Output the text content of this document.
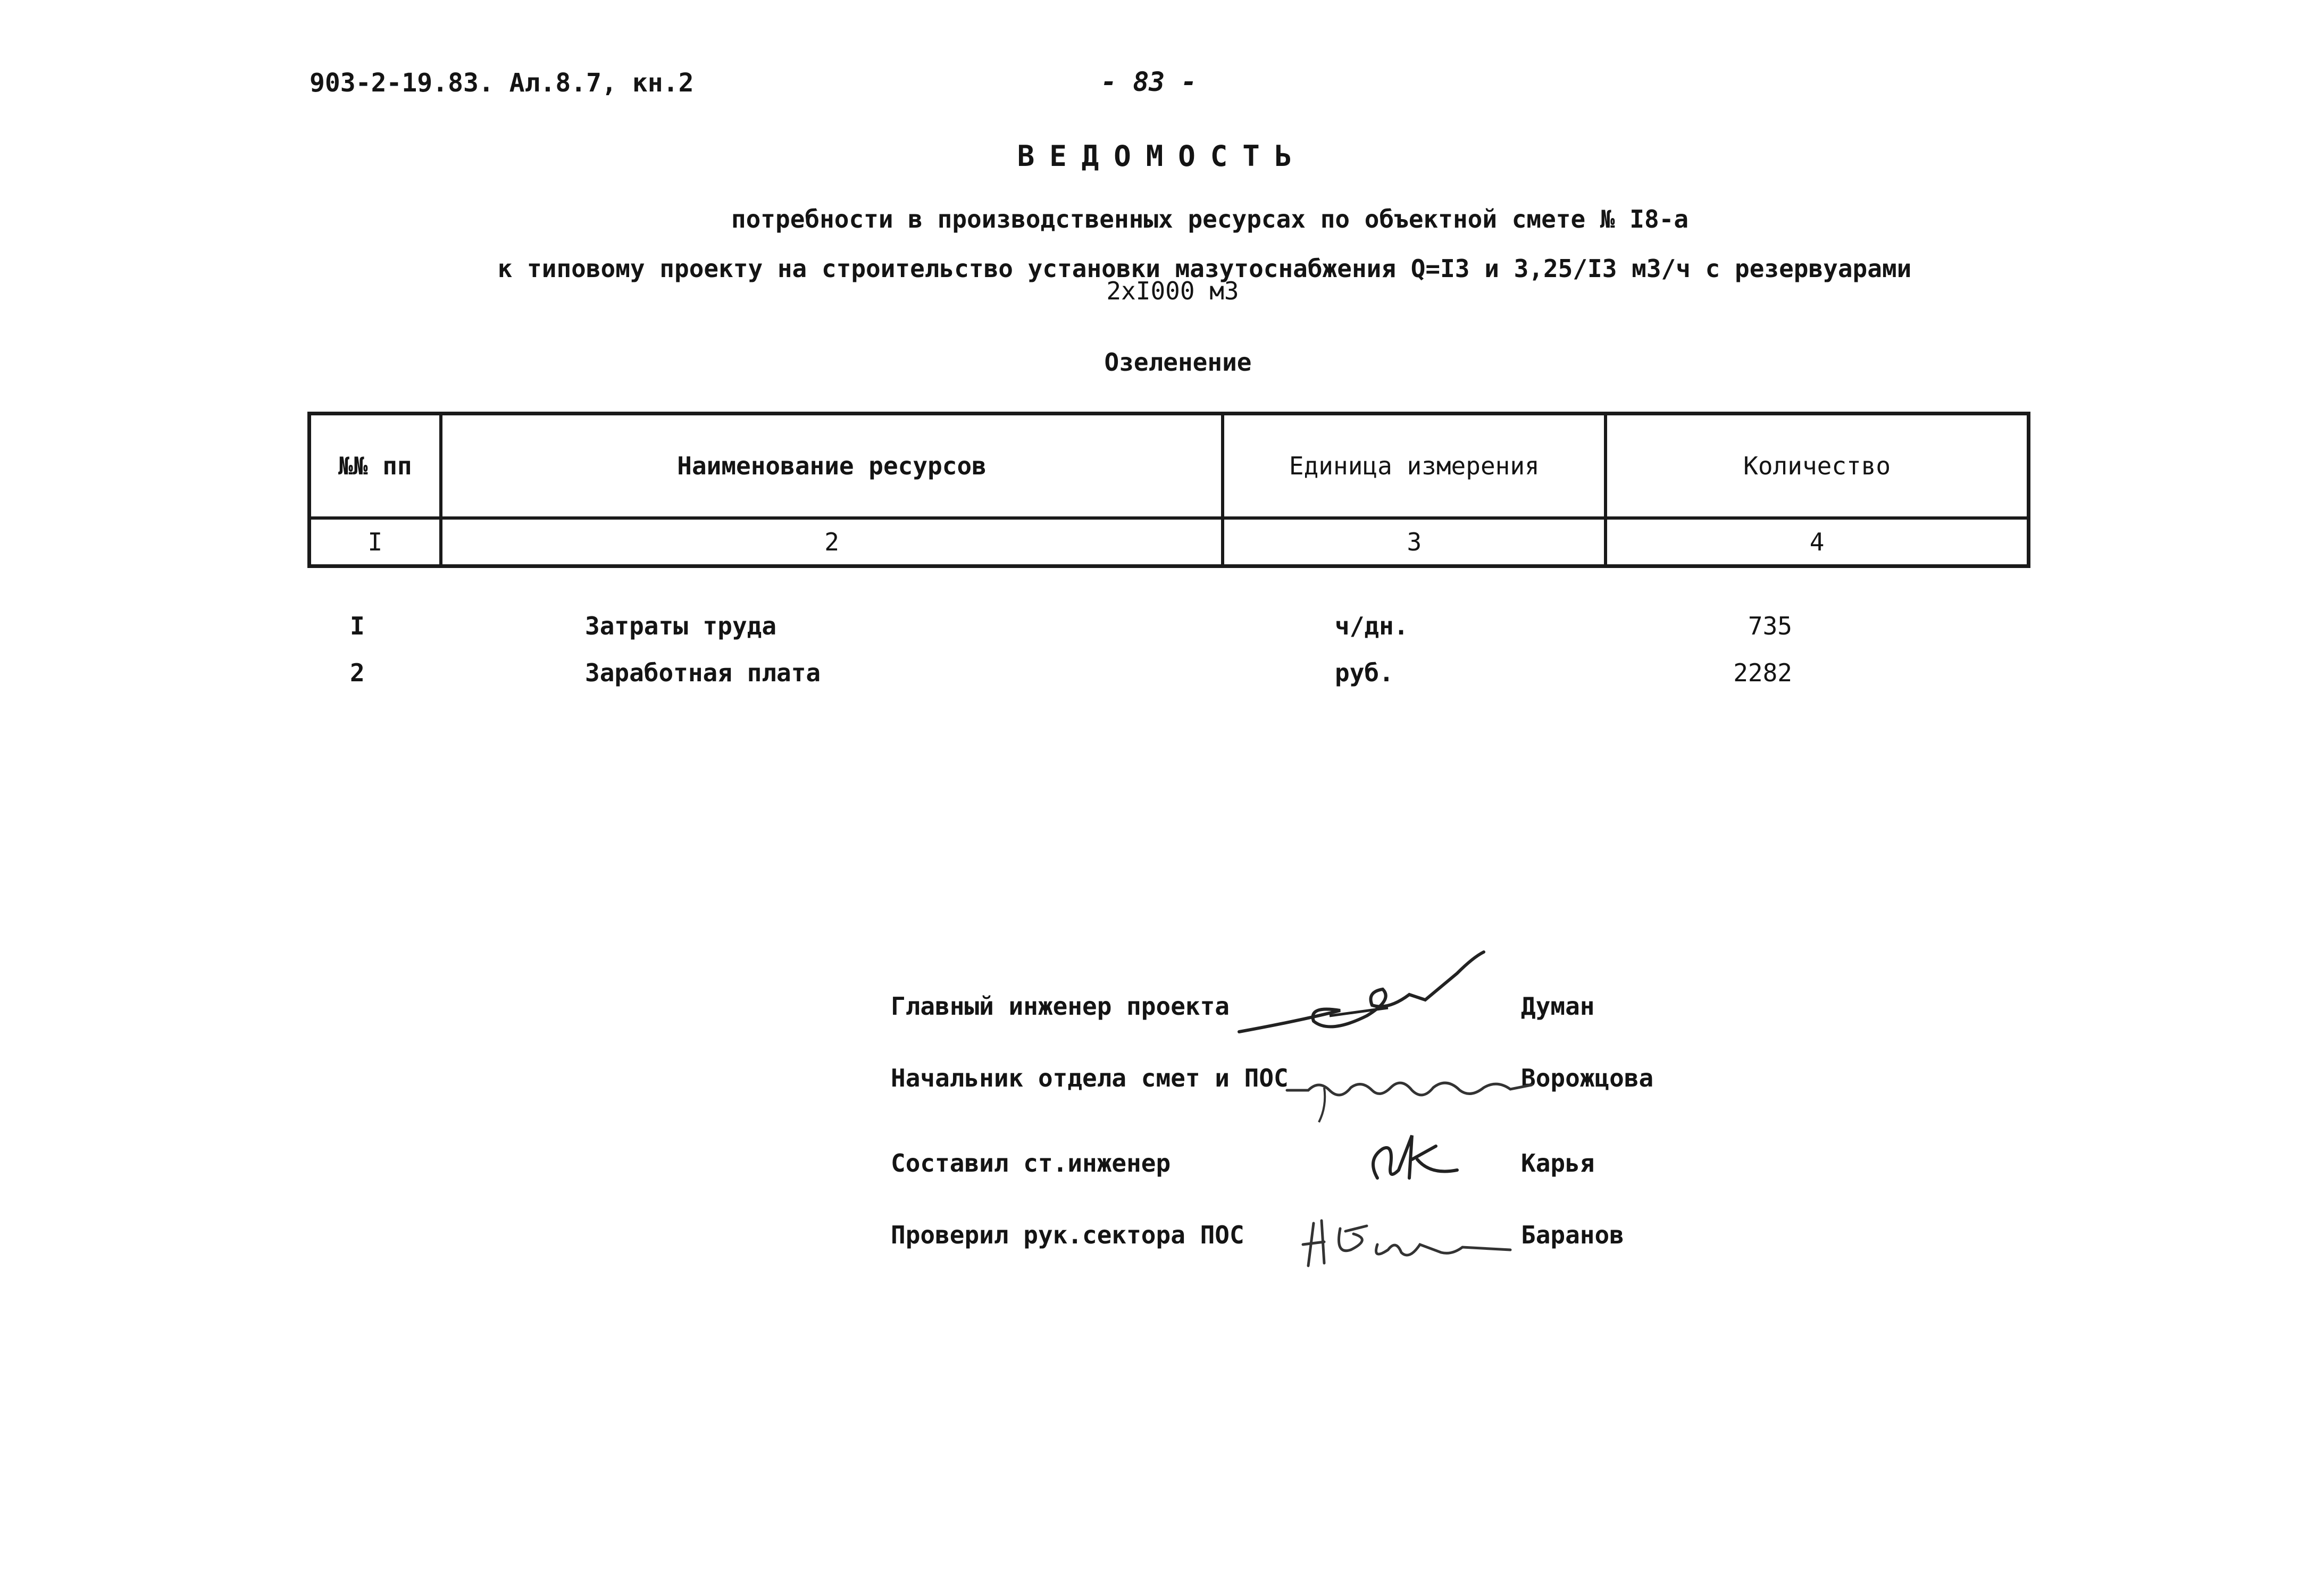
903-2-19.83. Ал.8.7, кн.2	- 83 -
ВЕДОМОСТЬ
потребности в производственных ресурсах по объектной смете № I8-а
к типовому проекту на строительство установки мазутоснабжения Q=I3 и 3,25/I3 м3/ч с резервуарами
2xI000 м3
Озеленение
№№ пп	Наименование ресурсов	Единица измерения	Количество
I	2	3	4
I	Затраты труда	ч/дн.	735
2	Заработная плата	руб.	2282
Главный инженер проекта	Думан
Начальник отдела смет и ПОС	Ворожцова
Составил ст.инженер	Карья
Проверил рук.сектора ПОС	Баранов
